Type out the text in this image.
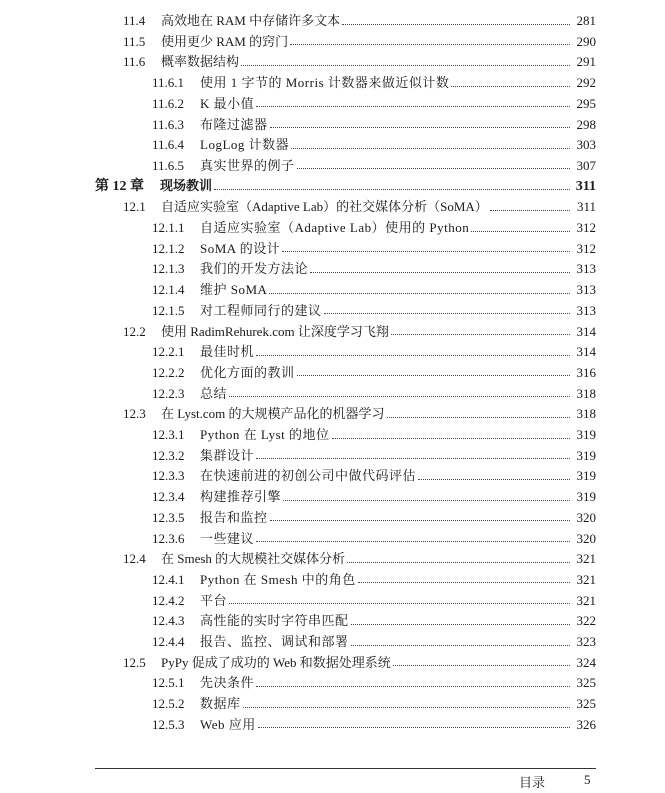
11.4	高效地在 RAM 中存储许多文本	281
11.5	使用更少 RAM 的窍门	290
11.6	概率数据结构	291
11.6.1	使用 1 字节的 Morris 计数器来做近似计数	292
11.6.2	K 最小值	295
11.6.3	布隆过滤器	298
11.6.4	LogLog 计数器	303
11.6.5	真实世界的例子	307
第 12 章	现场教训	311
12.1	自适应实验室（Adaptive Lab）的社交媒体分析（SoMA）	311
12.1.1	自适应实验室（Adaptive Lab）使用的 Python	312
12.1.2	SoMA 的设计	312
12.1.3	我们的开发方法论	313
12.1.4	维护 SoMA	313
12.1.5	对工程师同行的建议	313
12.2	使用 RadimRehurek.com 让深度学习飞翔	314
12.2.1	最佳时机	314
12.2.2	优化方面的教训	316
12.2.3	总结	318
12.3	在 Lyst.com 的大规模产品化的机器学习	318
12.3.1	Python 在 Lyst 的地位	319
12.3.2	集群设计	319
12.3.3	在快速前进的初创公司中做代码评估	319
12.3.4	构建推荐引擎	319
12.3.5	报告和监控	320
12.3.6	一些建议	320
12.4	在 Smesh 的大规模社交媒体分析	321
12.4.1	Python 在 Smesh 中的角色	321
12.4.2	平台	321
12.4.3	高性能的实时字符串匹配	322
12.4.4	报告、监控、调试和部署	323
12.5	PyPy 促成了成功的 Web 和数据处理系统	324
12.5.1	先决条件	325
12.5.2	数据库	325
12.5.3	Web 应用	326
目录	5
